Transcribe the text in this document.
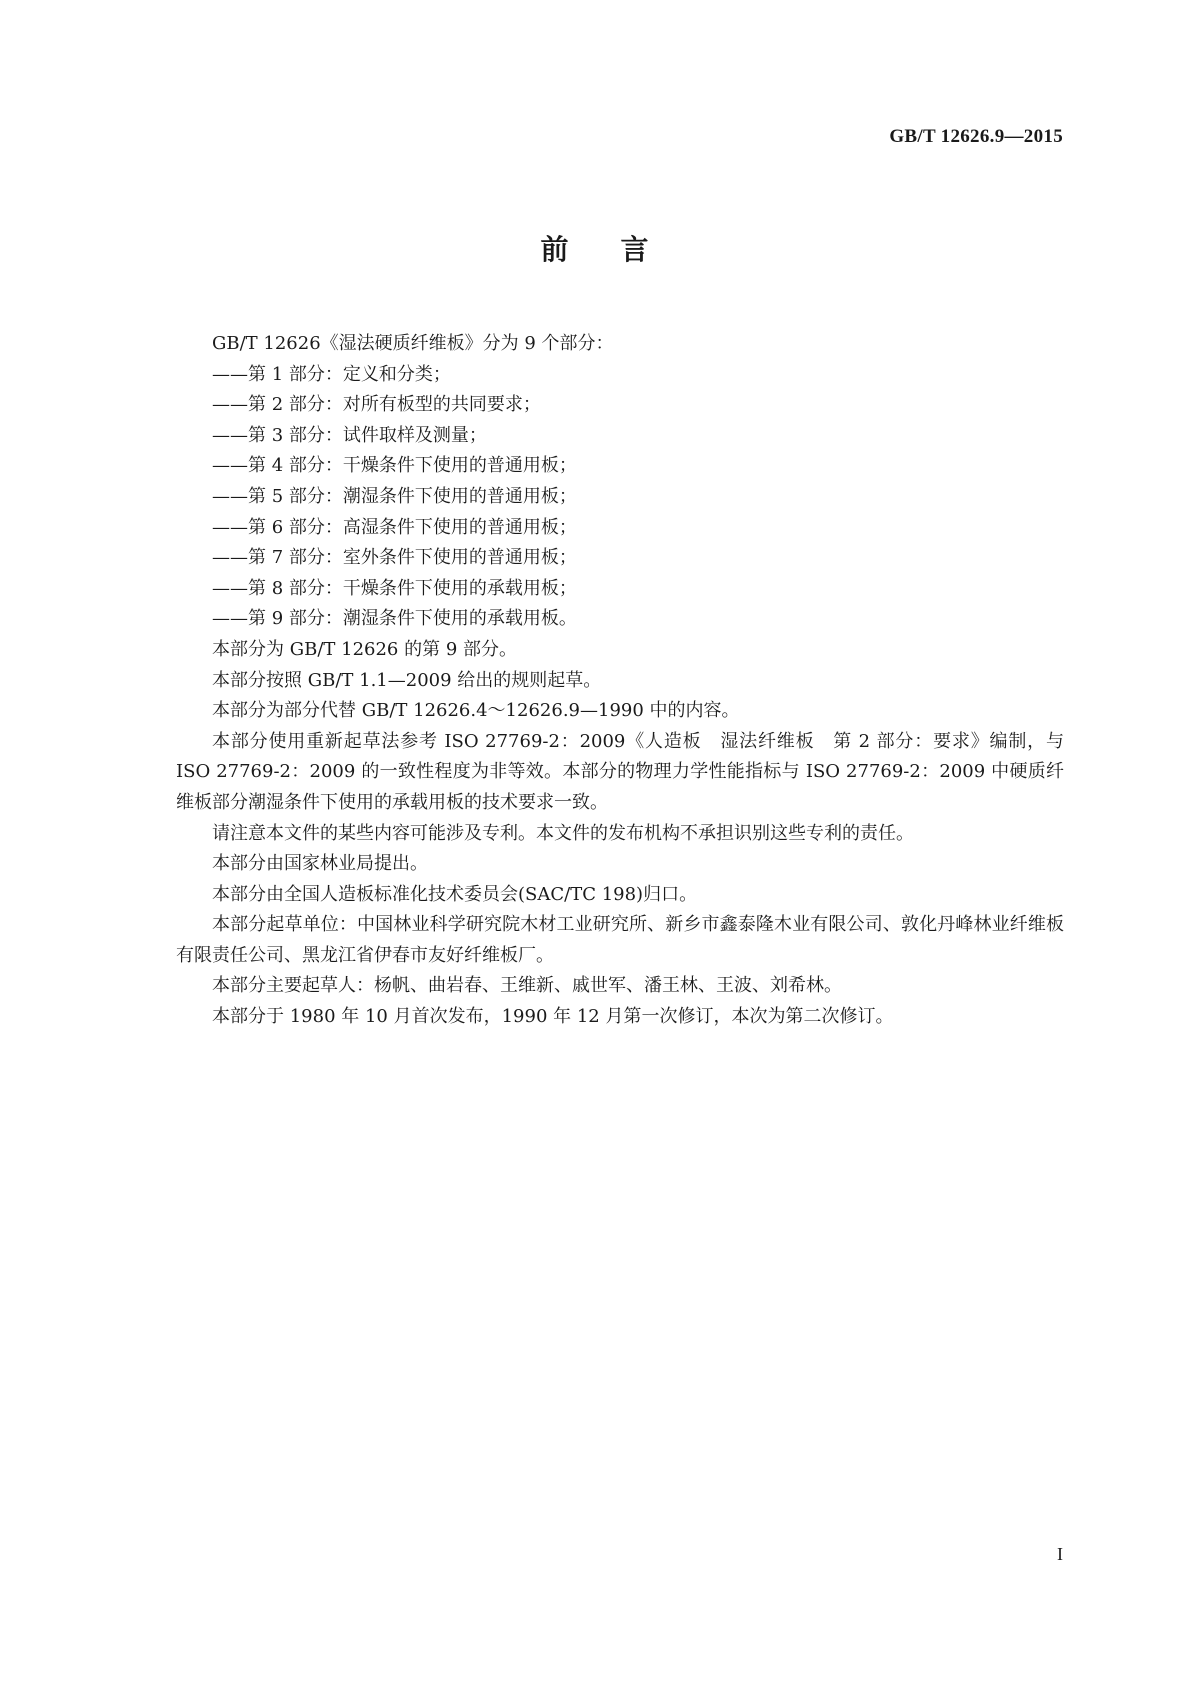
GB/T 12626.9—2015
前 言

GB/T 12626《湿法硬质纤维板》分为 9 个部分：

——第 1 部分：定义和分类；

——第 2 部分：对所有板型的共同要求；

——第 3 部分：试件取样及测量；

——第 4 部分：干燥条件下使用的普通用板；

——第 5 部分：潮湿条件下使用的普通用板；

——第 6 部分：高湿条件下使用的普通用板；

——第 7 部分：室外条件下使用的普通用板；

——第 8 部分：干燥条件下使用的承载用板；

——第 9 部分：潮湿条件下使用的承载用板。

本部分为 GB/T 12626 的第 9 部分。

本部分按照 GB/T 1.1—2009 给出的规则起草。

本部分为部分代替 GB/T 12626.4～12626.9—1990 中的内容。

本部分使用重新起草法参考 ISO 27769-2：2009《人造板　湿法纤维板　第 2 部分：要求》编制，与 ISO 27769-2：2009 的一致性程度为非等效。本部分的物理力学性能指标与 ISO 27769-2：2009 中硬质纤维板部分潮湿条件下使用的承载用板的技术要求一致。

请注意本文件的某些内容可能涉及专利。本文件的发布机构不承担识别这些专利的责任。

本部分由国家林业局提出。

本部分由全国人造板标准化技术委员会(SAC/TC 198)归口。

本部分起草单位：中国林业科学研究院木材工业研究所、新乡市鑫泰隆木业有限公司、敦化丹峰林业纤维板有限责任公司、黑龙江省伊春市友好纤维板厂。

本部分主要起草人：杨帆、曲岩春、王维新、戚世军、潘王林、王波、刘希林。

本部分于 1980 年 10 月首次发布，1990 年 12 月第一次修订，本次为第二次修订。

I
